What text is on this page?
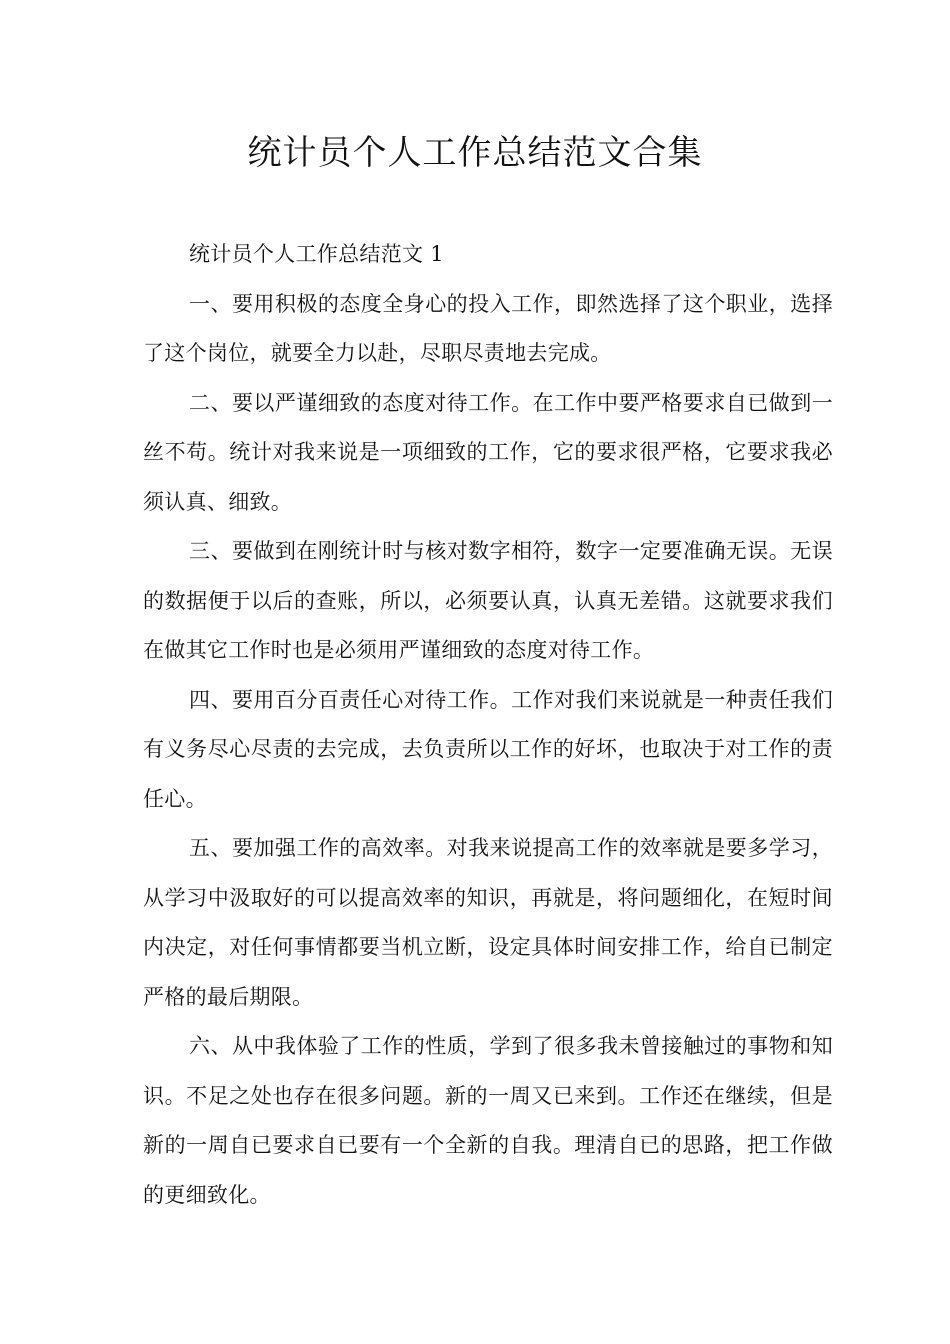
统计员个人工作总结范文合集

统计员个人工作总结范文 1

一、要用积极的态度全身心的投入工作，即然选择了这个职业，选择了这个岗位，就要全力以赴，尽职尽责地去完成。

二、要以严谨细致的态度对待工作。在工作中要严格要求自已做到一丝不苟。统计对我来说是一项细致的工作，它的要求很严格，它要求我必须认真、细致。

三、要做到在刚统计时与核对数字相符，数字一定要准确无误。无误的数据便于以后的查账，所以，必须要认真，认真无差错。这就要求我们在做其它工作时也是必须用严谨细致的态度对待工作。

四、要用百分百责任心对待工作。工作对我们来说就是一种责任我们有义务尽心尽责的去完成，去负责所以工作的好坏，也取决于对工作的责任心。

五、要加强工作的高效率。对我来说提高工作的效率就是要多学习，从学习中汲取好的可以提高效率的知识，再就是，将问题细化，在短时间内决定，对任何事情都要当机立断，设定具体时间安排工作，给自已制定严格的最后期限。

六、从中我体验了工作的性质，学到了很多我未曾接触过的事物和知识。不足之处也存在很多问题。新的一周又已来到。工作还在继续，但是新的一周自已要求自已要有一个全新的自我。理清自已的思路，把工作做的更细致化。
